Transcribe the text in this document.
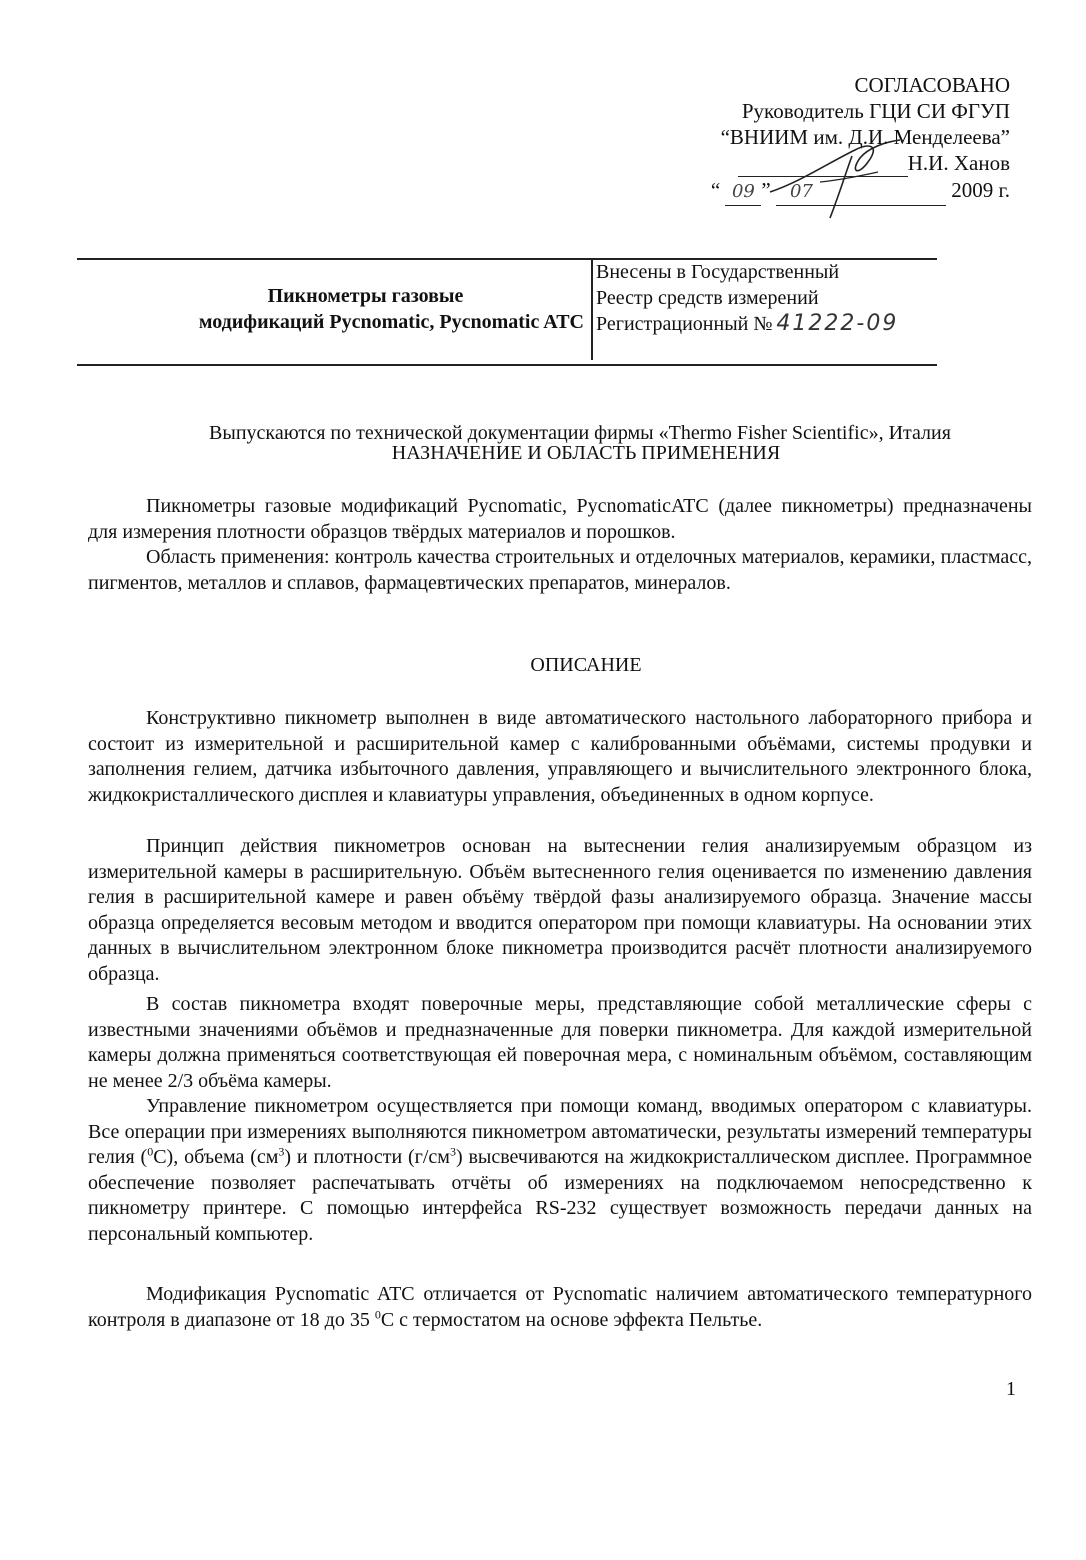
СОГЛАСОВАНО
Руководитель ГЦИ СИ ФГУП
“ВНИИМ им. Д.И. Менделеева”
Н.И. Ханов
“ 09 ” 07	2009 г.
Пикнометры газовые
модификаций Pycnomatic, Pycnomatic ATC
Внесены в Государственный
Реестр средств измерений
Регистрационный № 41222-09
Выпускаются по технической документации фирмы «Thermo Fisher Scientific», Италия
НАЗНАЧЕНИЕ И ОБЛАСТЬ ПРИМЕНЕНИЯ
Пикнометры газовые модификаций Pycnomatic, PycnomaticATC (далее пикнометры) предназначены для измерения плотности образцов твёрдых материалов и порошков.
Область применения: контроль качества строительных и отделочных материалов, керамики, пластмасс, пигментов, металлов и сплавов, фармацевтических препаратов, минералов.
ОПИСАНИЕ
Конструктивно пикнометр выполнен в виде автоматического настольного лабораторного прибора и состоит из измерительной и расширительной камер с калиброванными объёмами, системы продувки и заполнения гелием, датчика избыточного давления, управляющего и вычислительного электронного блока, жидкокристаллического дисплея и клавиатуры управления, объединенных в одном корпусе.
Принцип действия пикнометров основан на вытеснении гелия анализируемым образцом из измерительной камеры в расширительную. Объём вытесненного гелия оценивается по изменению давления гелия в расширительной камере и равен объёму твёрдой фазы анализируемого образца. Значение массы образца определяется весовым методом и вводится оператором при помощи клавиатуры. На основании этих данных в вычислительном электронном блоке пикнометра производится расчёт плотности анализируемого образца.
В состав пикнометра входят поверочные меры, представляющие собой металлические сферы с известными значениями объёмов и предназначенные для поверки пикнометра. Для каждой измерительной камеры должна применяться соответствующая ей поверочная мера, с номинальным объёмом, составляющим не менее 2/3 объёма камеры.
Управление пикнометром осуществляется при помощи команд, вводимых оператором с клавиатуры. Все операции при измерениях выполняются пикнометром автоматически, результаты измерений температуры гелия ($^0$С), объема $(см^3)$ и плотности $(г/см^3)$ высвечиваются на жидкокристаллическом дисплее. Программное обеспечение позволяет распечатывать отчёты об измерениях на подключаемом непосредственно к пикнометру принтере. С помощью интерфейса RS-232 существует возможность передачи данных на персональный компьютер.
Модификация Pycnomatic ATC отличается от Pycnomatic наличием автоматического температурного контроля в диапазоне от 18 до 35 $^0$С с термостатом на основе эффекта Пельтье.
1
